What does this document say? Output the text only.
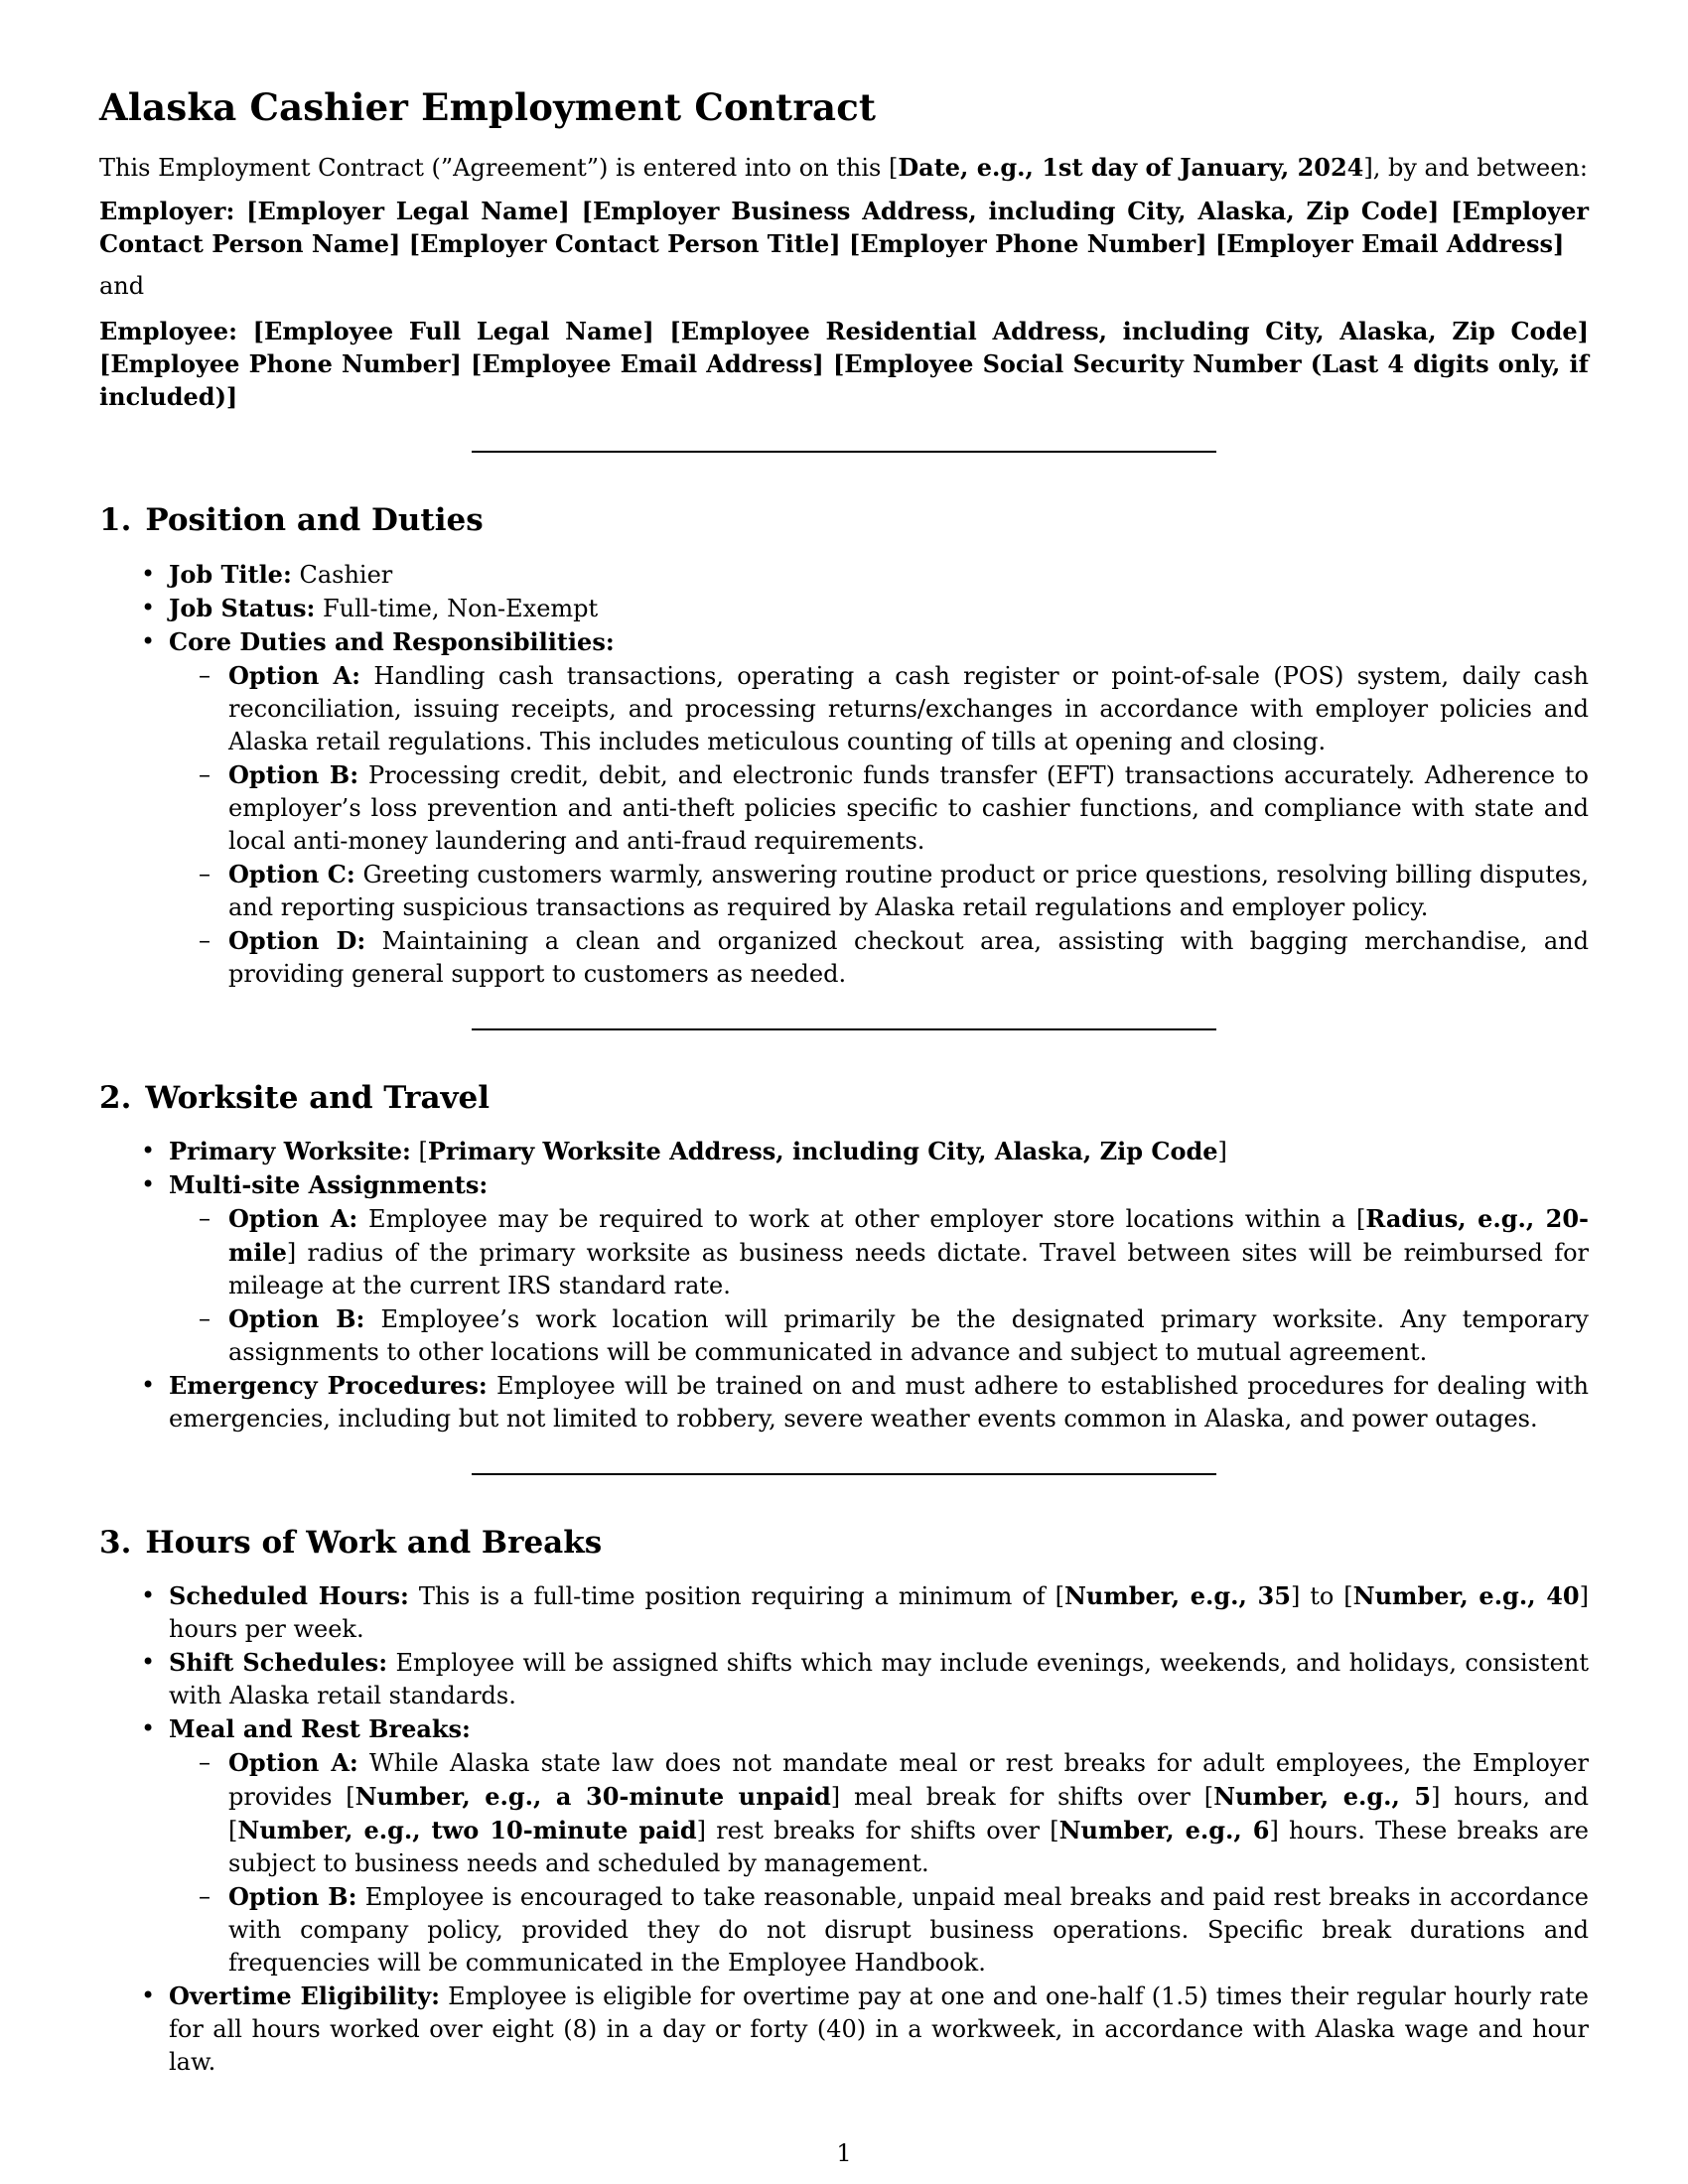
Alaska Cashier Employment Contract

This Employment Contract (”Agreement”) is entered into on this [Date, e.g., 1st day of January, 2024], by and between:

Employer: [Employer Legal Name] [Employer Business Address, including City, Alaska, Zip Code] [Employer Contact Person Name] [Employer Contact Person Title] [Employer Phone Number] [Employer Email Address]

and

Employee: [Employee Full Legal Name] [Employee Residential Address, including City, Alaska, Zip Code] [Employee Phone Number] [Employee Email Address] [Employee Social Security Number (Last 4 digits only, if included)]

1. Position and Duties
• Job Title: Cashier
• Job Status: Full-time, Non-Exempt
• Core Duties and Responsibilities:
– Option A: Handling cash transactions, operating a cash register or point-of-sale (POS) system, daily cash reconciliation, issuing receipts, and processing returns/exchanges in accordance with employer policies and Alaska retail regulations. This includes meticulous counting of tills at opening and closing.
– Option B: Processing credit, debit, and electronic funds transfer (EFT) transactions accurately. Adherence to employer’s loss prevention and anti-theft policies specific to cashier functions, and compliance with state and local anti-money laundering and anti-fraud requirements.
– Option C: Greeting customers warmly, answering routine product or price questions, resolving billing disputes, and reporting suspicious transactions as required by Alaska retail regulations and employer policy.
– Option D: Maintaining a clean and organized checkout area, assisting with bagging merchandise, and providing general support to customers as needed.
2. Worksite and Travel
• Primary Worksite: [Primary Worksite Address, including City, Alaska, Zip Code]
• Multi-site Assignments:
– Option A: Employee may be required to work at other employer store locations within a [Radius, e.g., 20-mile] radius of the primary worksite as business needs dictate. Travel between sites will be reimbursed for mileage at the current IRS standard rate.
– Option B: Employee’s work location will primarily be the designated primary worksite. Any temporary assignments to other locations will be communicated in advance and subject to mutual agreement.
• Emergency Procedures: Employee will be trained on and must adhere to established procedures for dealing with emergencies, including but not limited to robbery, severe weather events common in Alaska, and power outages.
3. Hours of Work and Breaks
• Scheduled Hours: This is a full-time position requiring a minimum of [Number, e.g., 35] to [Number, e.g., 40] hours per week.
• Shift Schedules: Employee will be assigned shifts which may include evenings, weekends, and holidays, consistent with Alaska retail standards.
• Meal and Rest Breaks:
– Option A: While Alaska state law does not mandate meal or rest breaks for adult employees, the Employer provides [Number, e.g., a 30-minute unpaid] meal break for shifts over [Number, e.g., 5] hours, and [Number, e.g., two 10-minute paid] rest breaks for shifts over [Number, e.g., 6] hours. These breaks are subject to business needs and scheduled by management.
– Option B: Employee is encouraged to take reasonable, unpaid meal breaks and paid rest breaks in accordance with company policy, provided they do not disrupt business operations. Specific break durations and frequencies will be communicated in the Employee Handbook.
• Overtime Eligibility: Employee is eligible for overtime pay at one and one-half (1.5) times their regular hourly rate for all hours worked over eight (8) in a day or forty (40) in a workweek, in accordance with Alaska wage and hour law.
1
